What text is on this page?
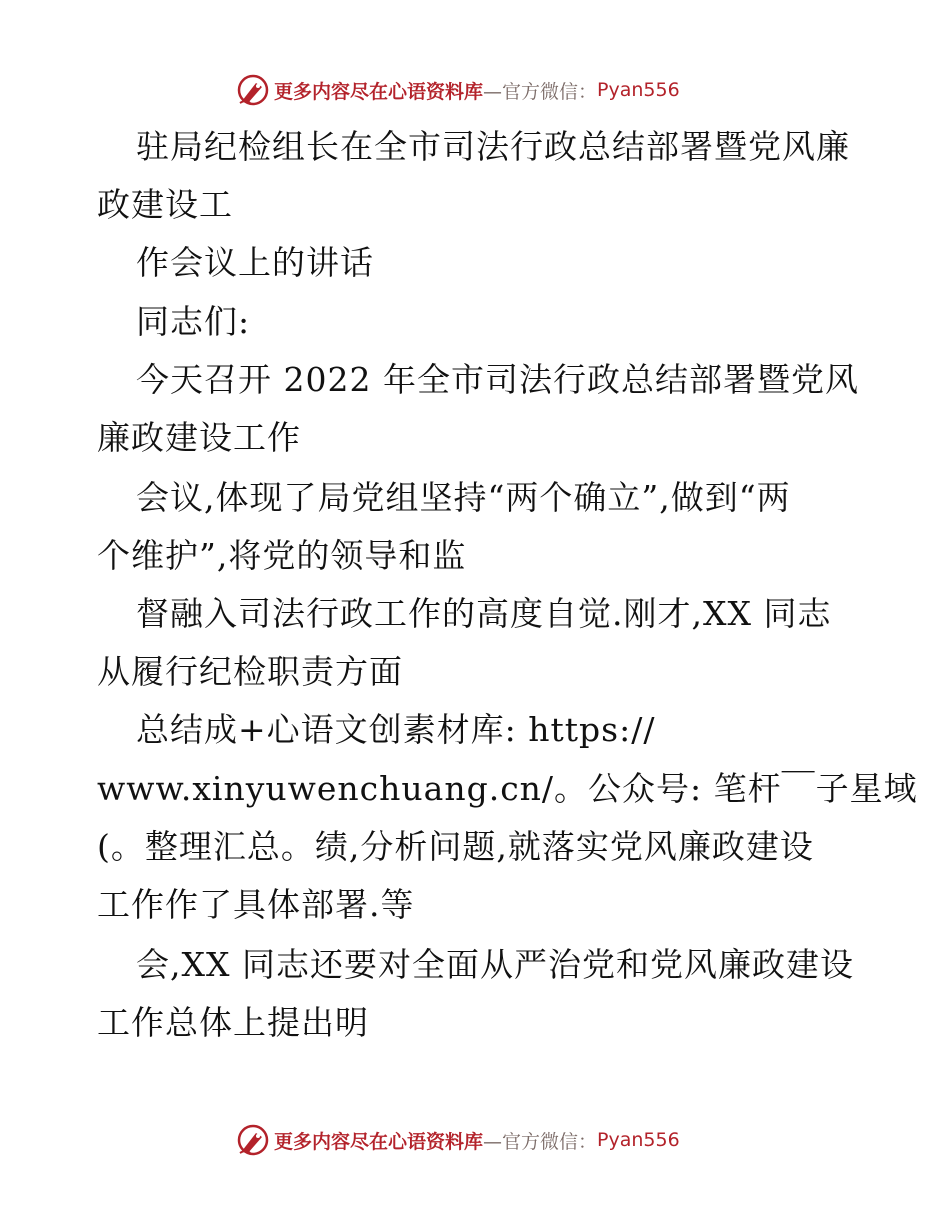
更多内容尽在心语资料库 —官方微信： Pyan556
驻局纪检组长在全市司法行政总结部署暨党风廉
政建设工
作会议上的讲话
同志们:
今天召开 2022 年全市司法行政总结部署暨党风
廉政建设工作
会议,体现了局党组坚持“两个确立”,做到“两
个维护”,将党的领导和监
督融入司法行政工作的高度自觉.刚才,XX 同志
从履行纪检职责方面
总结成+心语文创素材库: https://
www.xinyuwenchuang.cn/。公众号: 笔杆￣子星域
(。整理汇总。绩,分析问题,就落实党风廉政建设
工作作了具体部署.等
会,XX 同志还要对全面从严治党和党风廉政建设
工作总体上提出明
更多内容尽在心语资料库 —官方微信： Pyan556
